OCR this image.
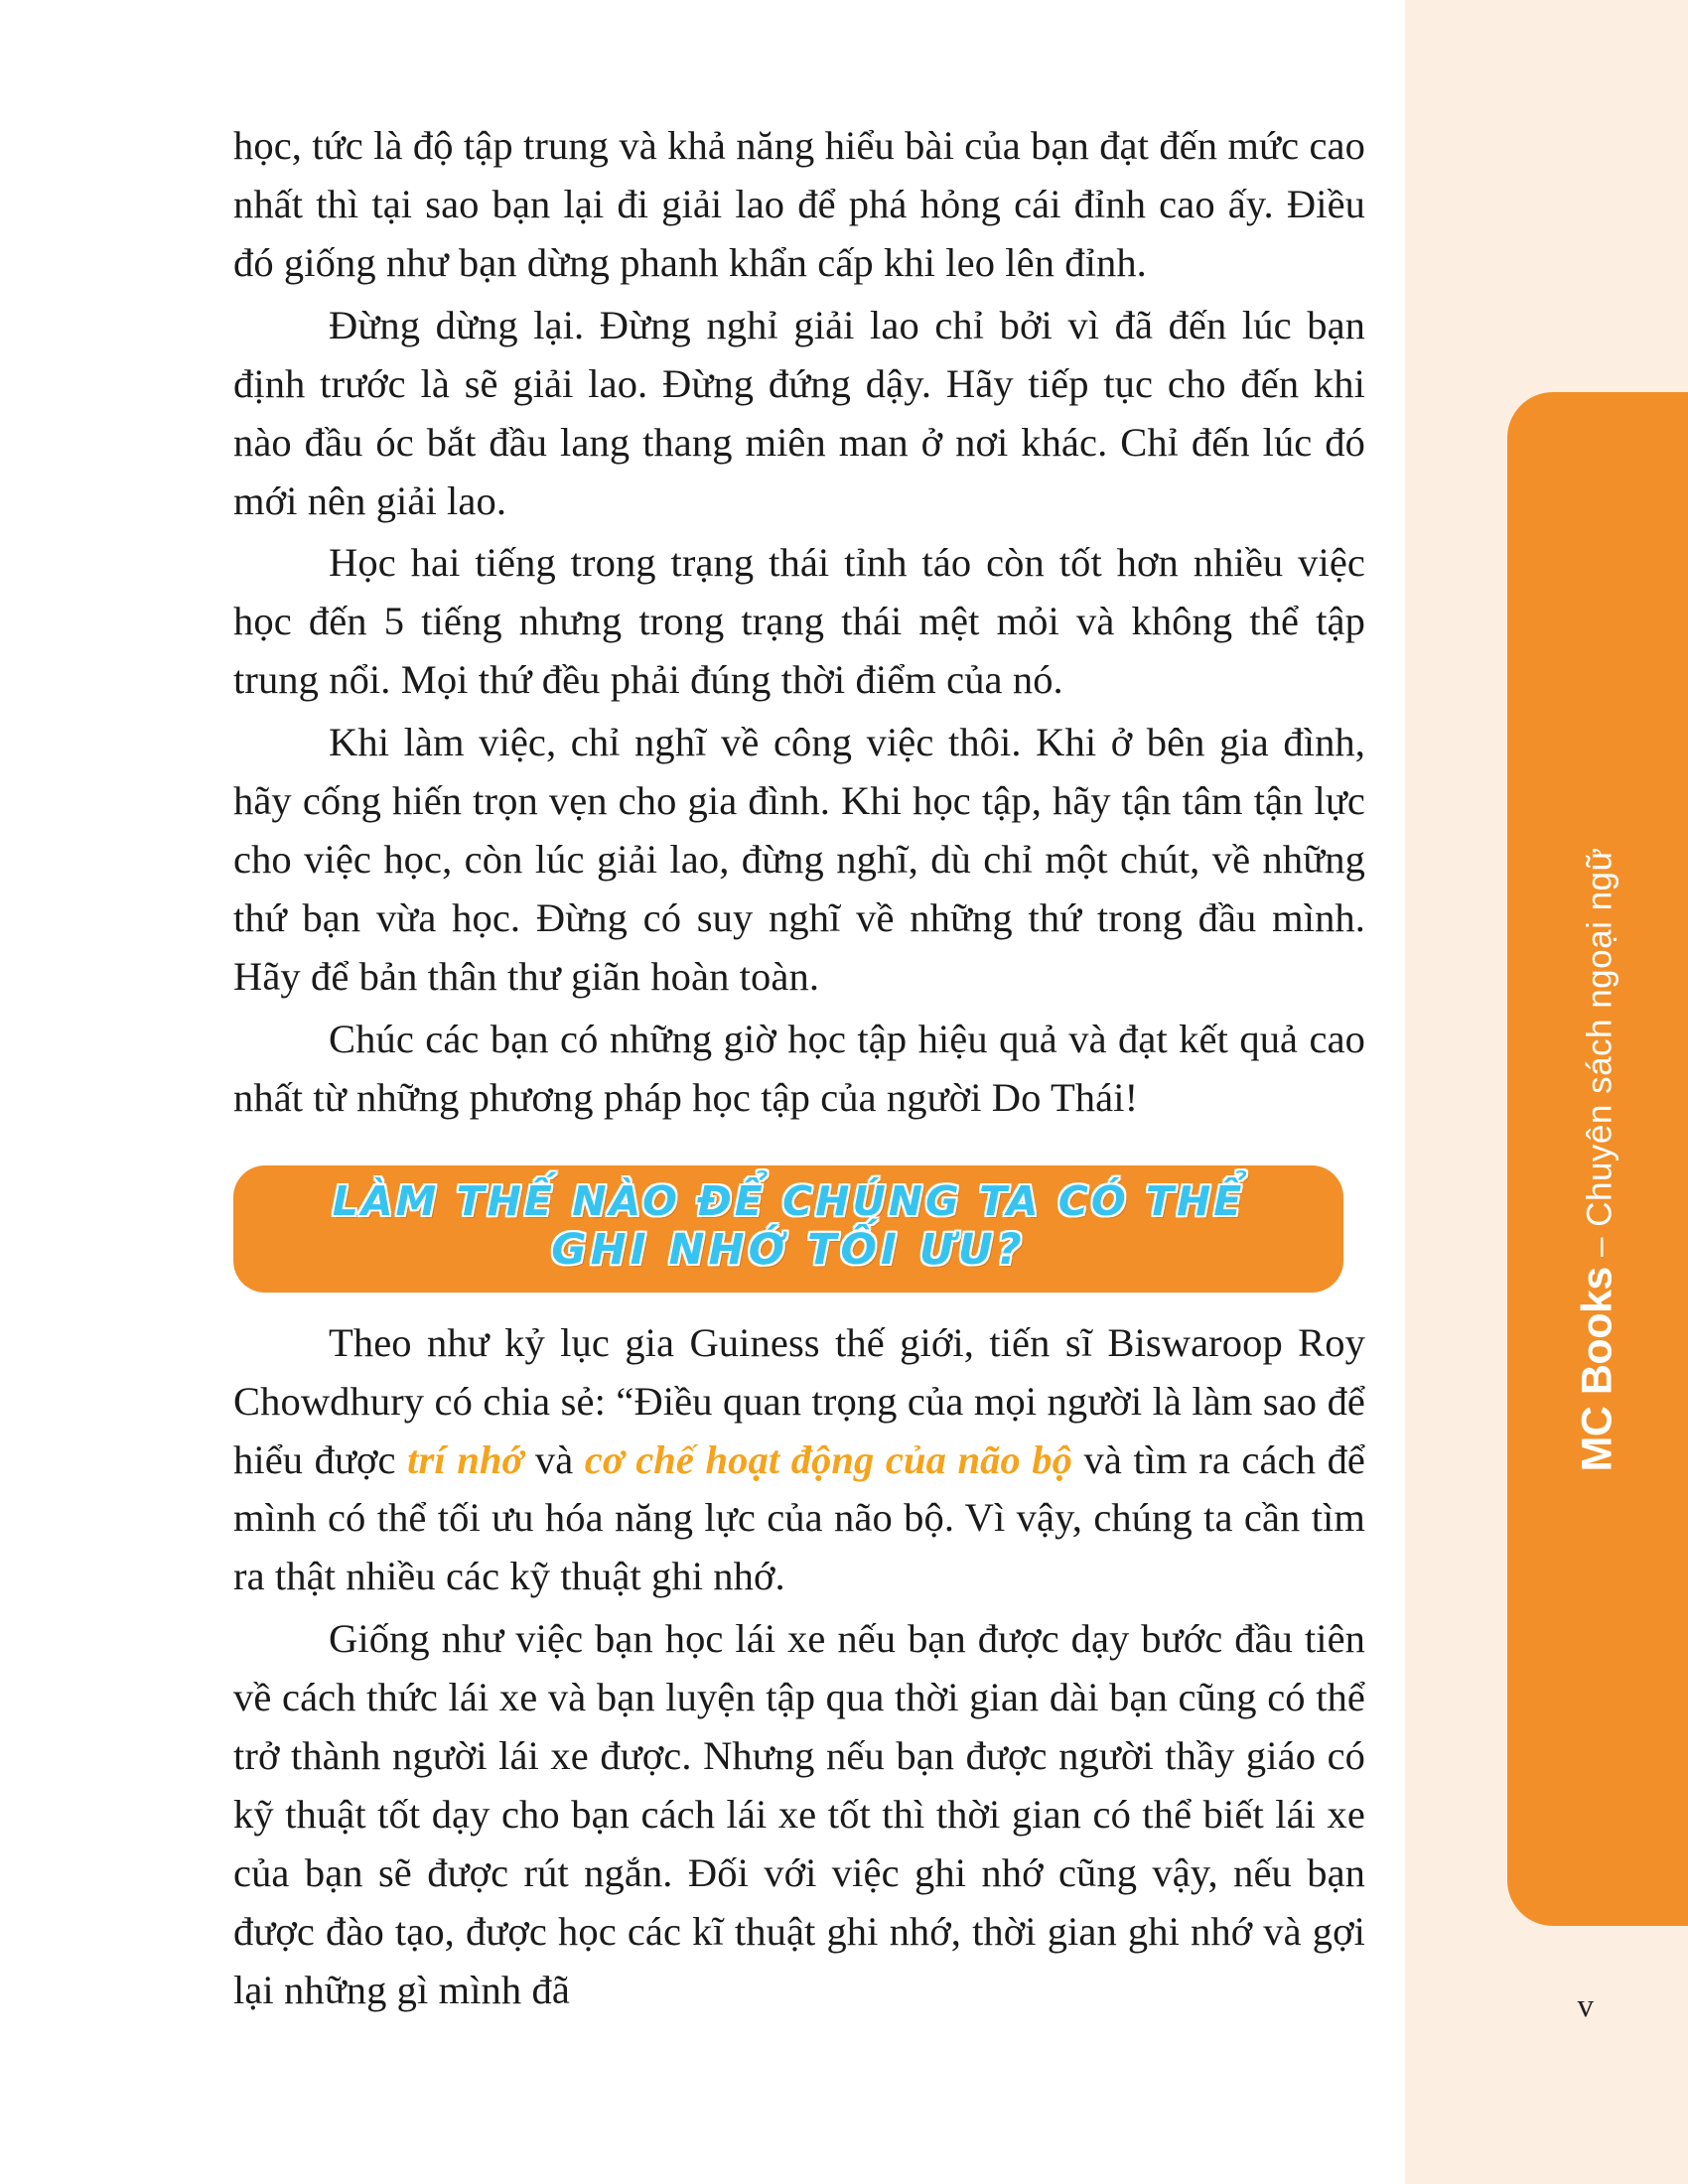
MC Books – Chuyên sách ngoại ngữ
v

học, tức là độ tập trung và khả năng hiểu bài của bạn đạt đến mức cao nhất thì tại sao bạn lại đi giải lao để phá hỏng cái đỉnh cao ấy. Điều đó giống như bạn dừng phanh khẩn cấp khi leo lên đỉnh.

Đừng dừng lại. Đừng nghỉ giải lao chỉ bởi vì đã đến lúc bạn định trước là sẽ giải lao. Đừng đứng dậy. Hãy tiếp tục cho đến khi nào đầu óc bắt đầu lang thang miên man ở nơi khác. Chỉ đến lúc đó mới nên giải lao.

Học hai tiếng trong trạng thái tỉnh táo còn tốt hơn nhiều việc học đến 5 tiếng nhưng trong trạng thái mệt mỏi và không thể tập trung nổi. Mọi thứ đều phải đúng thời điểm của nó.

Khi làm việc, chỉ nghĩ về công việc thôi. Khi ở bên gia đình, hãy cống hiến trọn vẹn cho gia đình. Khi học tập, hãy tận tâm tận lực cho việc học, còn lúc giải lao, đừng nghĩ, dù chỉ một chút, về những thứ bạn vừa học. Đừng có suy nghĩ về những thứ trong đầu mình. Hãy để bản thân thư giãn hoàn toàn.

Chúc các bạn có những giờ học tập hiệu quả và đạt kết quả cao nhất từ những phương pháp học tập của người Do Thái!

LÀM THẾ NÀO ĐỂ CHÚNG TA CÓ THỂ
GHI NHỚ TỐI ƯU?

Theo như kỷ lục gia Guiness thế giới, tiến sĩ Biswaroop Roy Chowdhury có chia sẻ: “Điều quan trọng của mọi người là làm sao để hiểu được trí nhớ và cơ chế hoạt động của não bộ và tìm ra cách để mình có thể tối ưu hóa năng lực của não bộ. Vì vậy, chúng ta cần tìm ra thật nhiều các kỹ thuật ghi nhớ.

Giống như việc bạn học lái xe nếu bạn được dạy bước đầu tiên về cách thức lái xe và bạn luyện tập qua thời gian dài bạn cũng có thể trở thành người lái xe được. Nhưng nếu bạn được người thầy giáo có kỹ thuật tốt dạy cho bạn cách lái xe tốt thì thời gian có thể biết lái xe của bạn sẽ được rút ngắn. Đối với việc ghi nhớ cũng vậy, nếu bạn được đào tạo, được học các kĩ thuật ghi nhớ, thời gian ghi nhớ và gợi lại những gì mình đã
